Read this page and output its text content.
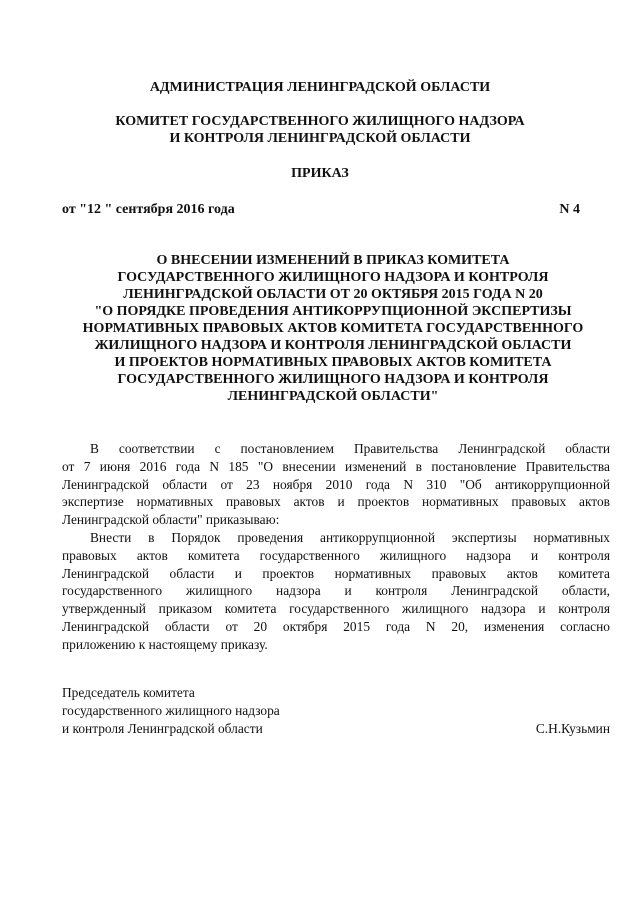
АДМИНИСТРАЦИЯ ЛЕНИНГРАДСКОЙ ОБЛАСТИ

КОМИТЕТ ГОСУДАРСТВЕННОГО ЖИЛИЩНОГО НАДЗОРА
И КОНТРОЛЯ ЛЕНИНГРАДСКОЙ ОБЛАСТИ

ПРИКАЗ

от "12 " сентября 2016 года	N 4
О ВНЕСЕНИИ ИЗМЕНЕНИЙ В ПРИКАЗ КОМИТЕТА
ГОСУДАРСТВЕННОГО ЖИЛИЩНОГО НАДЗОРА И КОНТРОЛЯ
ЛЕНИНГРАДСКОЙ ОБЛАСТИ ОТ 20 ОКТЯБРЯ 2015 ГОДА N 20
"О ПОРЯДКЕ ПРОВЕДЕНИЯ АНТИКОРРУПЦИОННОЙ ЭКСПЕРТИЗЫ
НОРМАТИВНЫХ ПРАВОВЫХ АКТОВ КОМИТЕТА ГОСУДАРСТВЕННОГО
ЖИЛИЩНОГО НАДЗОРА И КОНТРОЛЯ ЛЕНИНГРАДСКОЙ ОБЛАСТИ
И ПРОЕКТОВ НОРМАТИВНЫХ ПРАВОВЫХ АКТОВ КОМИТЕТА
ГОСУДАРСТВЕННОГО ЖИЛИЩНОГО НАДЗОРА И КОНТРОЛЯ
ЛЕНИНГРАДСКОЙ ОБЛАСТИ"
В соответствии с постановлением Правительства Ленинградской области
от 7 июня 2016 года N 185 "О внесении изменений в постановление Правительства
Ленинградской области от 23 ноября 2010 года N 310 "Об антикоррупционной
экспертизе нормативных правовых актов и проектов нормативных правовых актов
Ленинградской области" приказываю:
Внести в Порядок проведения антикоррупционной экспертизы нормативных
правовых актов комитета государственного жилищного надзора и контроля
Ленинградской области и проектов нормативных правовых актов комитета
государственного жилищного надзора и контроля Ленинградской области,
утвержденный приказом комитета государственного жилищного надзора и контроля
Ленинградской области от 20 октября 2015 года N 20, изменения согласно
приложению к настоящему приказу.
Председатель комитета
государственного жилищного надзора
и контроля Ленинградской области	С.Н.Кузьмин
